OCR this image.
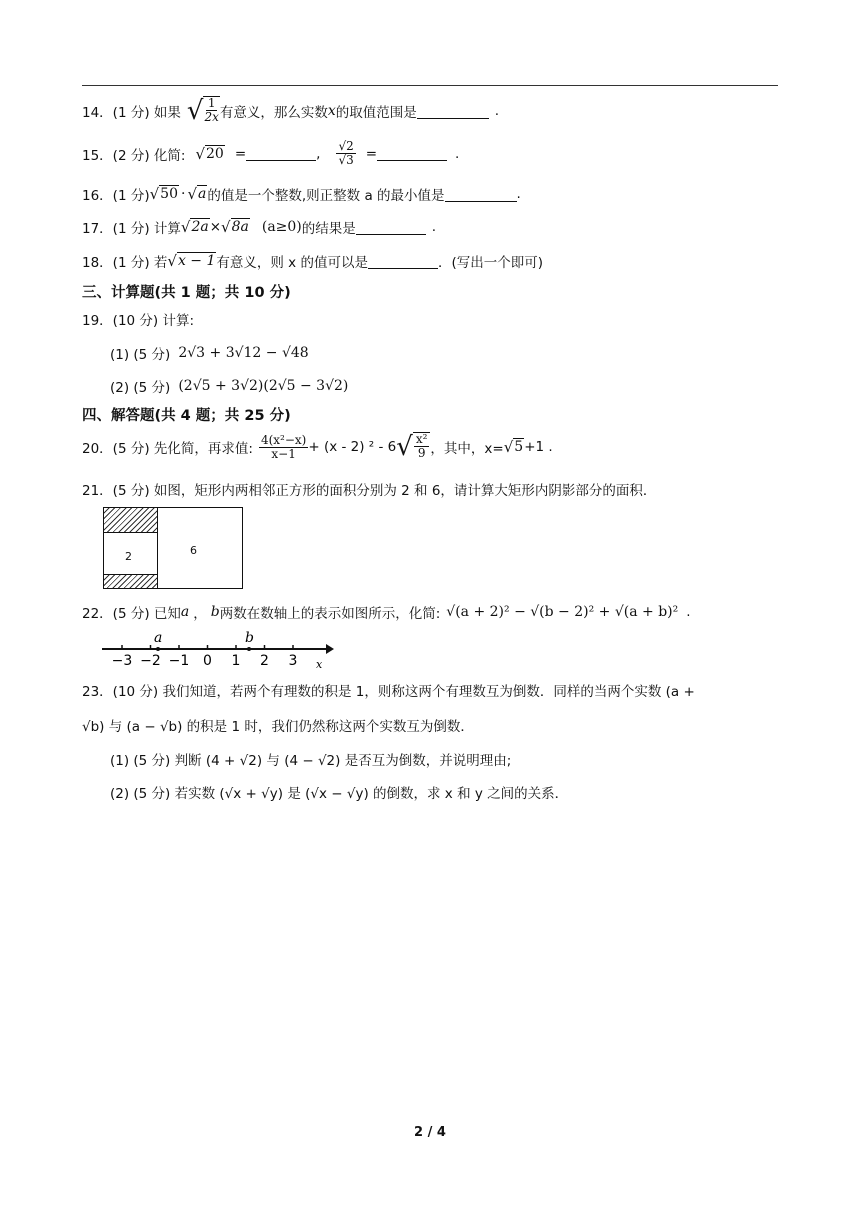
14．(1 分) 如果 √ $\frac{1}{2x}$ 有意义，那么实数 x 的取值范围是	.
15．(2 分) 化简: √ 20 =	, $\frac{√2}{√3}$ =	.
16．(1 分) √ 50 · √ a 的值是一个整数,则正整数 a 的最小值是	.
17．(1 分) 计算 √ 2a × √ 8a (a≥0) 的结果是	.
18．(1 分) 若 √ x − 1 有意义，则 x 的值可以是	．(写出一个即可)
三、计算题(共 1 题；共 10 分)
19．(10 分) 计算:
(1) (5 分) 2√3 + 3√12 − √48
(2) (5 分) (2√5 + 3√2)(2√5 − 3√2)
四、解答题(共 4 题；共 25 分)
20．(5 分) 先化简，再求值: $\frac{\text{4(x²−x)}}{x-1} + (x - 2)$ ² - 6 √ $\frac{\text{x²}}{9}$ ，其中，x= √ 5 +1 .
21．(5 分) 如图，矩形内两相邻正方形的面积分别为 2 和 6，请计算大矩形内阴影部分的面积．
2	6
22．(5 分) 已知 a ， b 两数在数轴上的表示如图所示，化简: √(a + 2)² − √(b − 2)² + √(a + b)² .
−3 −2 −1 0 1 2 3
a	b
x
23．(10 分) 我们知道，若两个有理数的积是 1，则称这两个有理数互为倒数．同样的当两个实数 (a +
√b) 与 (a − √b) 的积是 1 时，我们仍然称这两个实数互为倒数．
(1) (5 分) 判断 (4 + √2) 与 (4 − √2) 是否互为倒数，并说明理由;
(2) (5 分) 若实数 (√x + √y) 是 (√x − √y) 的倒数，求 x 和 y 之间的关系．
2 / 4
